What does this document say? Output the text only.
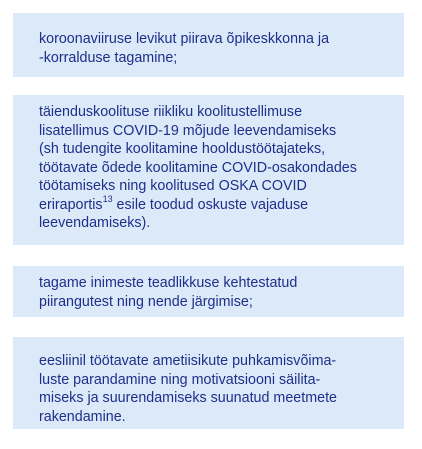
koroonaviiruse levikut piirava õpikeskkonna ja
-korralduse tagamine;
täienduskoolituse riikliku koolitustellimuse
lisatellimus COVID-19 mõjude leevendamiseks
(sh tudengite koolitamine hooldustöötajateks,
töötavate õdede koolitamine COVID-osakondades
töötamiseks ning koolitused OSKA COVID
eriraportis$^{13}$ esile toodud oskuste vajaduse
leevendamiseks).
tagame inimeste teadlikkuse kehtestatud
piirangutest ning nende järgimise;
eesliinil töötavate ametiisikute puhkamisvõima-
luste parandamine ning motivatsiooni säilita-
miseks ja suurendamiseks suunatud meetmete
rakendamine.
